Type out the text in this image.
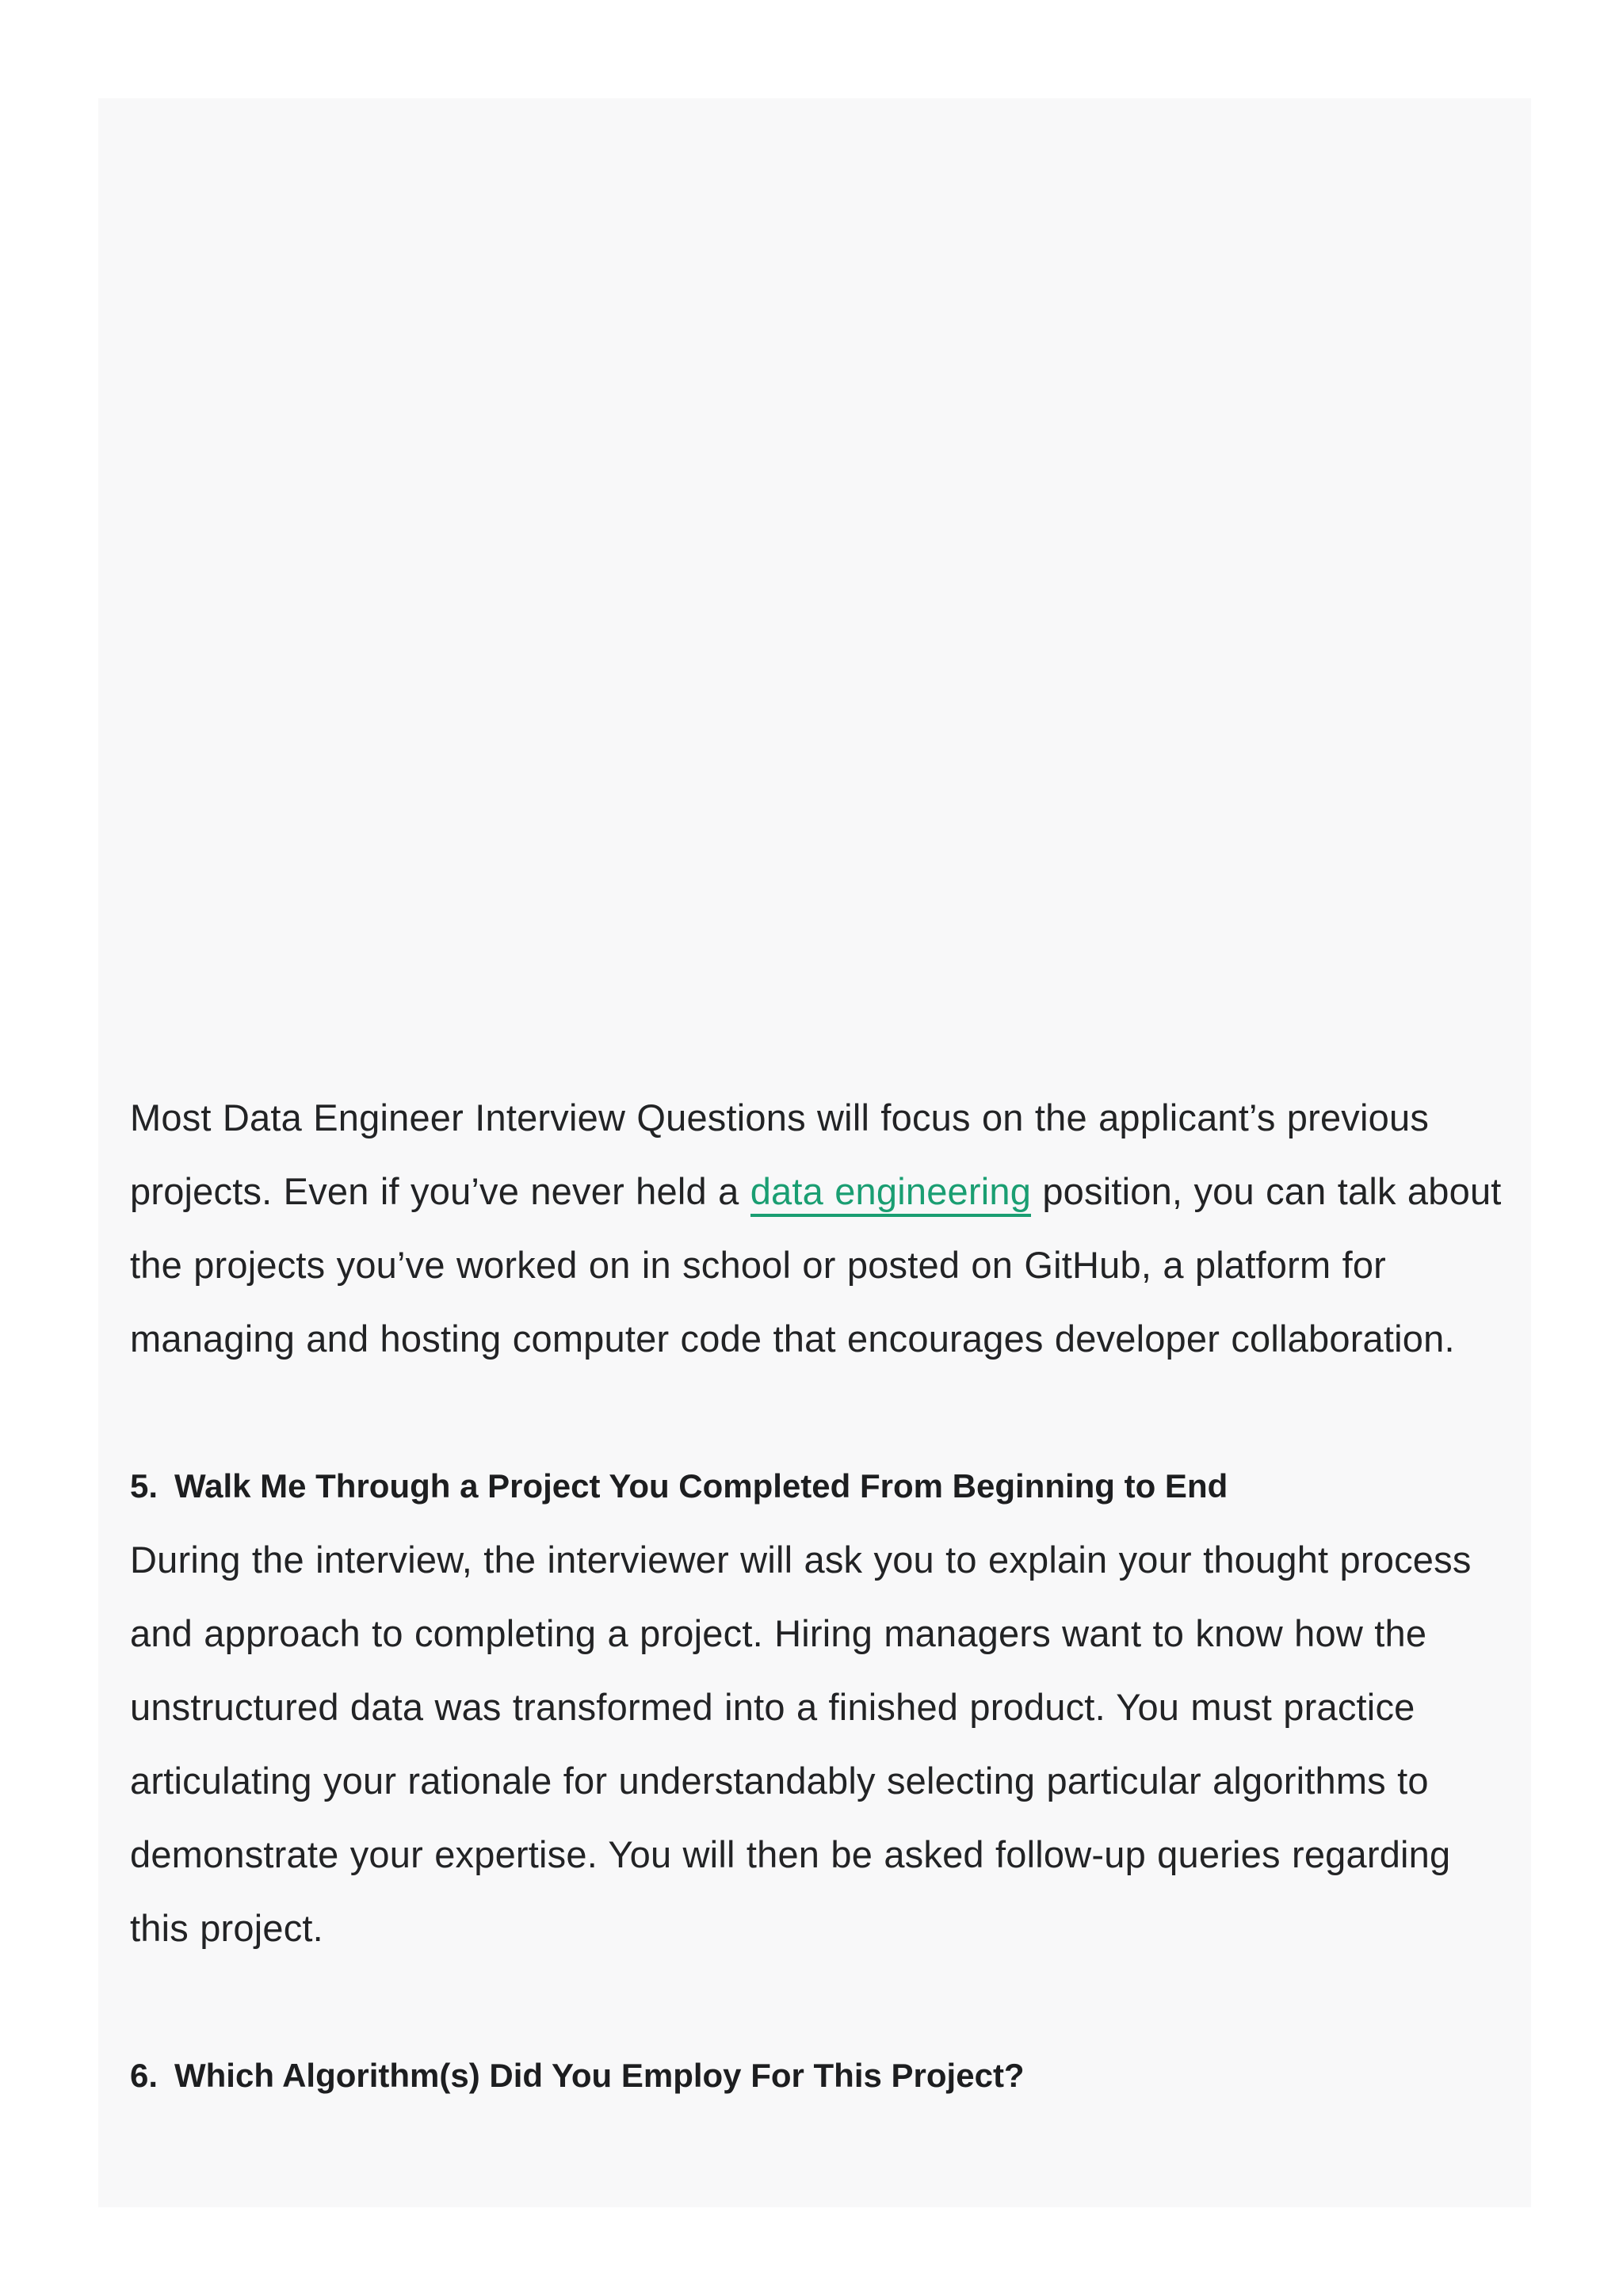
Most Data Engineer Interview Questions will focus on the applicant’s previous projects. Even if you’ve never held a data engineering position, you can talk about the projects you’ve worked on in school or posted on GitHub, a platform for managing and hosting computer code that encourages developer collaboration.

5. Walk Me Through a Project You Completed From Beginning to End

During the interview, the interviewer will ask you to explain your thought process and approach to completing a project. Hiring managers want to know how the unstructured data was transformed into a finished product. You must practice articulating your rationale for understandably selecting particular algorithms to demonstrate your expertise. You will then be asked follow-up queries regarding this project.

6. Which Algorithm(s) Did You Employ For This Project?
